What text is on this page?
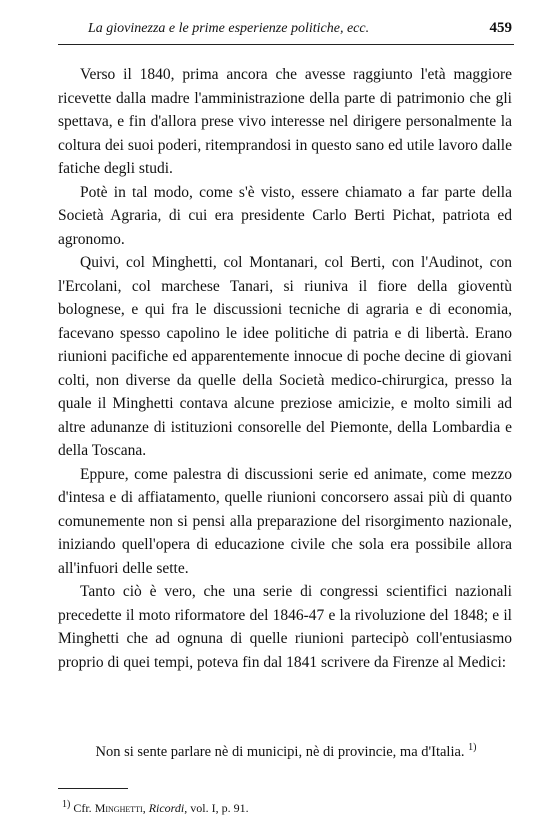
La giovinezza e le prime esperienze politiche, ecc.	459

Verso il 1840, prima ancora che avesse raggiunto l'età maggiore ricevette dalla madre l'amministrazione della parte di patrimonio che gli spettava, e fin d'allora prese vivo interesse nel dirigere personalmente la coltura dei suoi poderi, ritemprandosi in questo sano ed utile lavoro dalle fatiche degli studi.

Potè in tal modo, come s'è visto, essere chiamato a far parte della Società Agraria, di cui era presidente Carlo Berti Pichat, patriota ed agronomo.

Quivi, col Minghetti, col Montanari, col Berti, con l'Audinot, con l'Ercolani, col marchese Tanari, si riuniva il fiore della gioventù bolognese, e qui fra le discussioni tecniche di agraria e di economia, facevano spesso capolino le idee politiche di patria e di libertà. Erano riunioni pacifiche ed apparentemente innocue di poche decine di giovani colti, non diverse da quelle della Società medico-chirurgica, presso la quale il Minghetti contava alcune preziose amicizie, e molto simili ad altre adunanze di istituzioni consorelle del Piemonte, della Lombardia e della Toscana.

Eppure, come palestra di discussioni serie ed animate, come mezzo d'intesa e di affiatamento, quelle riunioni concorsero assai più di quanto comunemente non si pensi alla preparazione del risorgimento nazionale, iniziando quell'opera di educazione civile che sola era possibile allora all'infuori delle sette.

Tanto ciò è vero, che una serie di congressi scientifici nazionali precedette il moto riformatore del 1846-47 e la rivoluzione del 1848; e il Minghetti che ad ognuna di quelle riunioni partecipò coll'entusiasmo proprio di quei tempi, poteva fin dal 1841 scrivere da Firenze al Medici:

Non si sente parlare nè di municipi, nè di provincie, ma d'Italia. $^{1)}$
$^{1)}$ Cfr. Minghetti, Ricordi, vol. I, p. 91.
